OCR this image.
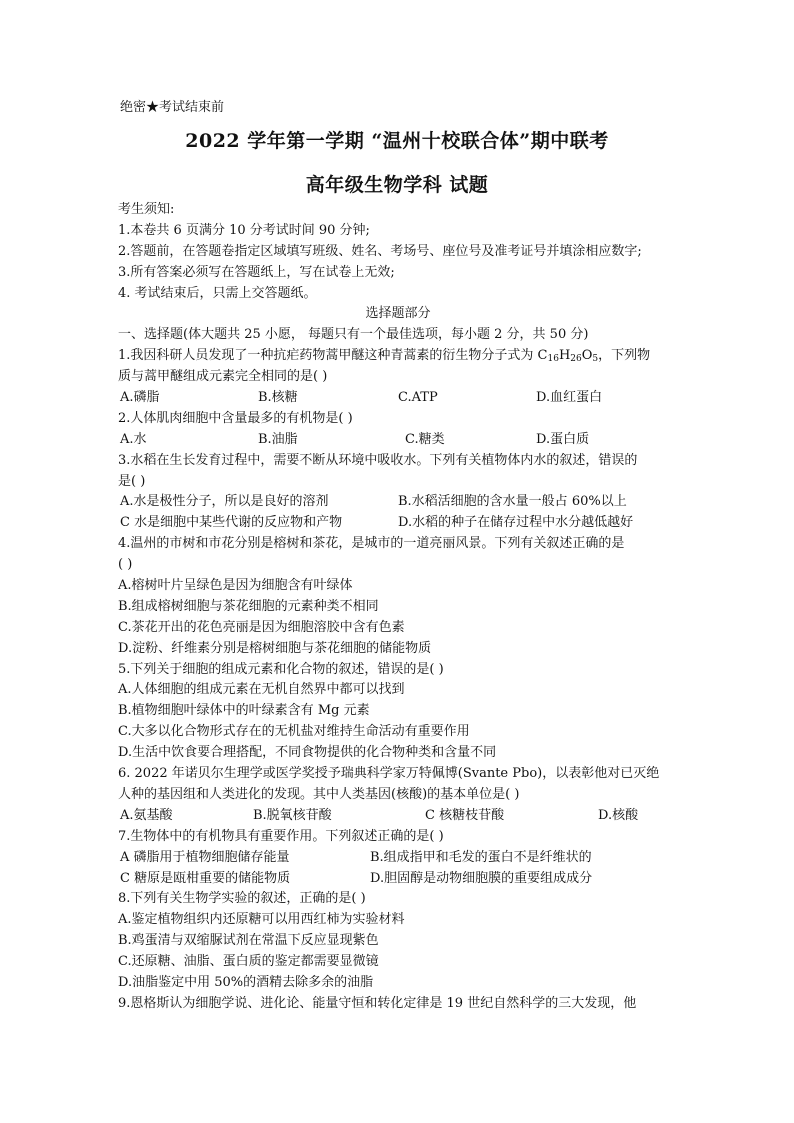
绝密★考试结束前
2022 学年第一学期 “温州十校联合体”期中联考
高年级生物学科 试题
考生须知:
1.本卷共 6 页满分 10 分考试时间 90 分钟;
2.答题前，在答题卷指定区域填写班级、姓名、考场号、座位号及准考证号并填涂相应数字;
3.所有答案必须写在答题纸上，写在试卷上无效;
4. 考试结束后，只需上交答题纸。
选择题部分
一、选择题(体大题共 25 小愿， 每题只有一个最佳选项，每小题 2 分，共 50 分)
1.我因科研人员发现了一种抗疟药物蒿甲醚这种青蒿素的衍生物分子式为 $C_{16}H_{26}O_5$，下列物
质与蒿甲醚组成元素完全相同的是( )
A.磷脂	B.核糖	C.ATP	D.血红蛋白
2.人体肌肉细胞中含量最多的有机物是( )
A.水	B.油脂	C.糖类	D.蛋白质
3.水稻在生长发育过程中，需要不断从环境中吸收水。下列有关植物体内水的叙述，错误的
是( )
A.水是极性分子，所以是良好的溶剂	B.水稻活细胞的含水量一般占 60%以上
C 水是细胞中某些代谢的反应物和产物	D.水稻的种子在储存过程中水分越低越好
4.温州的市树和市花分别是榕树和茶花，是城市的一道亮丽风景。下列有关叙述正确的是
( )
A.榕树叶片呈绿色是因为细胞含有叶绿体
B.组成榕树细胞与茶花细胞的元素种类不相同
C.茶花开出的花色亮丽是因为细胞溶胶中含有色素
D.淀粉、纤维素分别是榕树细胞与茶花细胞的储能物质
5.下列关于细胞的组成元素和化合物的叙述，错误的是( )
A.人体细胞的组成元素在无机自然界中都可以找到
B.植物细胞叶绿体中的叶绿素含有 Mg 元素
C.大多以化合物形式存在的无机盐对维持生命活动有重要作用
D.生活中饮食要合理搭配，不同食物提供的化合物种类和含量不同
6. 2022 年诺贝尔生理学或医学奖授予瑞典科学家万特佩博(Svante Pbo)，以表彰他对已灭绝
人种的基因组和人类进化的发现。其中人类基因(核酸)的基本单位是( )
A.氨基酸	B.脱氧核苷酸	C 核糖枝苷酸	D.核酸
7.生物体中的有机物具有重要作用。下列叙述正确的是( )
A 磷脂用于植物细胞储存能量	B.组成指甲和毛发的蛋白不是纤维状的
C 糖原是瓯柑重要的储能物质	D.胆固醇是动物细胞膜的重要组成成分
8.下列有关生物学实验的叙述，正确的是( )
A.鉴定植物组织内还原糖可以用西红柿为实验材料
B.鸡蛋清与双缩脲试剂在常温下反应显现紫色
C.还原糖、油脂、蛋白质的鉴定都需要显微镜
D.油脂鉴定中用 50%的酒精去除多余的油脂
9.恩格斯认为细胞学说、进化论、能量守恒和转化定律是 19 世纪自然科学的三大发现，他
